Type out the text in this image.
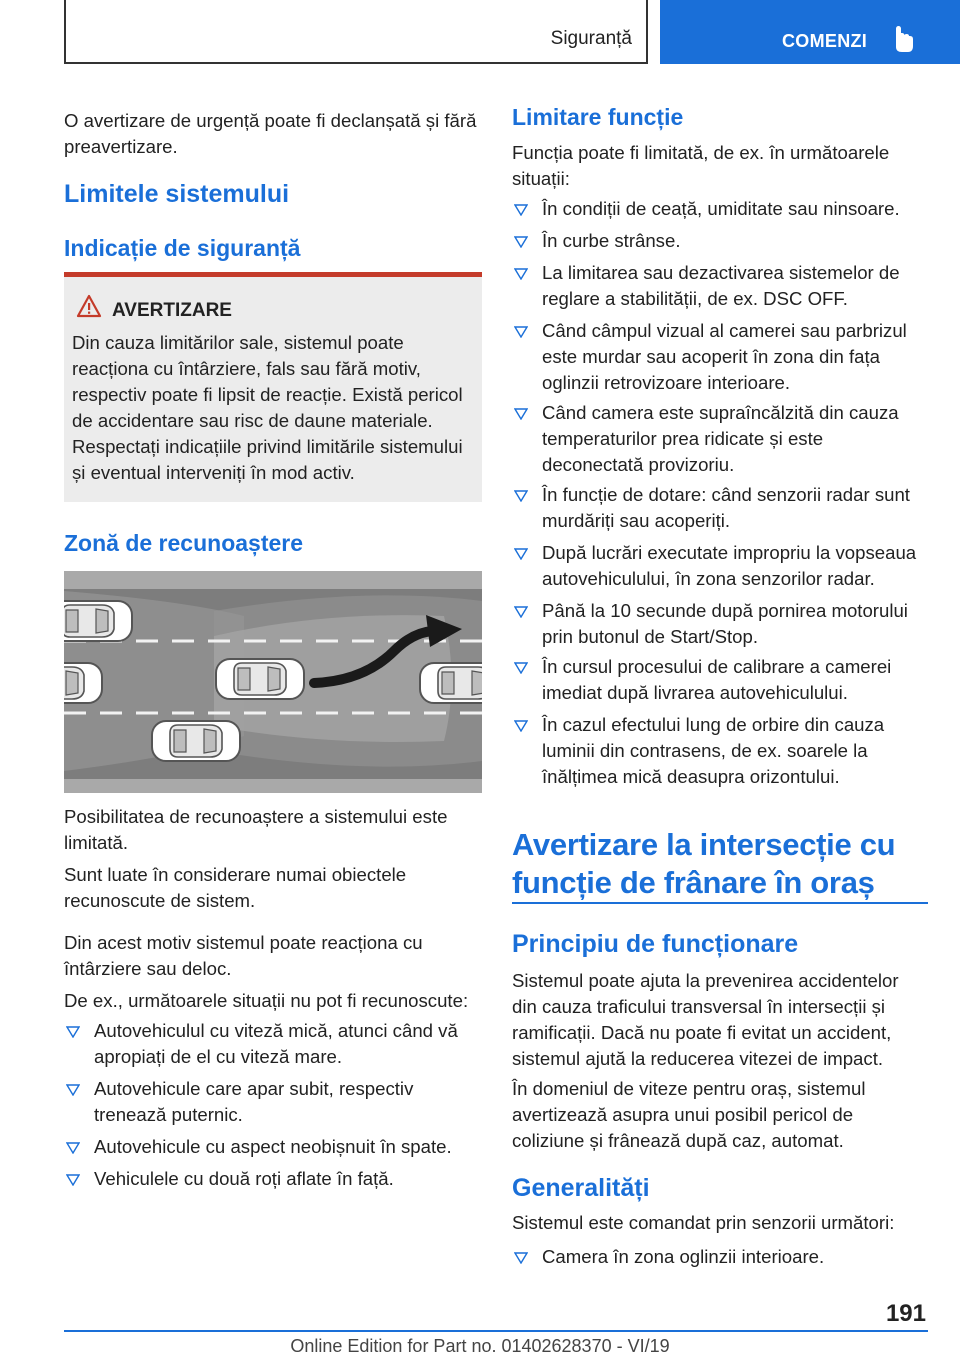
Siguranță	COMENZI

O avertizare de urgență poate fi declanșată și fără preavertizare.

Limitele sistemului
Indicație de siguranță
AVERTIZARE

Din cauza limitărilor sale, sistemul poate reacționa cu întârziere, fals sau fără motiv, respectiv poate fi lipsit de reacție. Există pericol de accidentare sau risc de daune materiale. Respectați indicațiile privind limitările sistemului și eventual interveniți în mod activ.

Zonă de recunoaștere

Posibilitatea de recunoaștere a sistemului este limitată.

Sunt luate în considerare numai obiectele recunoscute de sistem.

Din acest motiv sistemul poate reacționa cu întârziere sau deloc.

De ex., următoarele situații nu pot fi recunoscute:

Autovehiculul cu viteză mică, atunci când vă apropiați de el cu viteză mare.

Autovehicule care apar subit, respectiv trenează puternic.

Autovehicule cu aspect neobișnuit în spate.

Vehiculele cu două roți aflate în față.

Limitare funcție

Funcția poate fi limitată, de ex. în următoarele situații:

În condiții de ceață, umiditate sau ninsoare.

În curbe strânse.

La limitarea sau dezactivarea sistemelor de reglare a stabilității, de ex. DSC OFF.

Când câmpul vizual al camerei sau parbrizul este murdar sau acoperit în zona din fața oglinzii retrovizoare interioare.

Când camera este supraîncălzită din cauza temperaturilor prea ridicate și este deconectată provizoriu.

În funcție de dotare: când senzorii radar sunt murdăriți sau acoperiți.

După lucrări executate impropriu la vopseaua autovehiculului, în zona senzorilor radar.

Până la 10 secunde după pornirea motorului prin butonul de Start/Stop.

În cursul procesului de calibrare a camerei imediat după livrarea autovehiculului.

În cazul efectului lung de orbire din cauza luminii din contrasens, de ex. soarele la înălțimea mică deasupra orizontului.

Avertizare la intersecție cu funcție de frânare în oraș
Principiu de funcționare

Sistemul poate ajuta la prevenirea accidentelor din cauza traficului transversal în intersecții și ramificații. Dacă nu poate fi evitat un accident, sistemul ajută la reducerea vitezei de impact.

În domeniul de viteze pentru oraș, sistemul avertizează asupra unui posibil pericol de coliziune și frânează după caz, automat.

Generalități

Sistemul este comandat prin senzorii următori:

Camera în zona oglinzii interioare.

191
Online Edition for Part no. 01402628370 - VI/19
